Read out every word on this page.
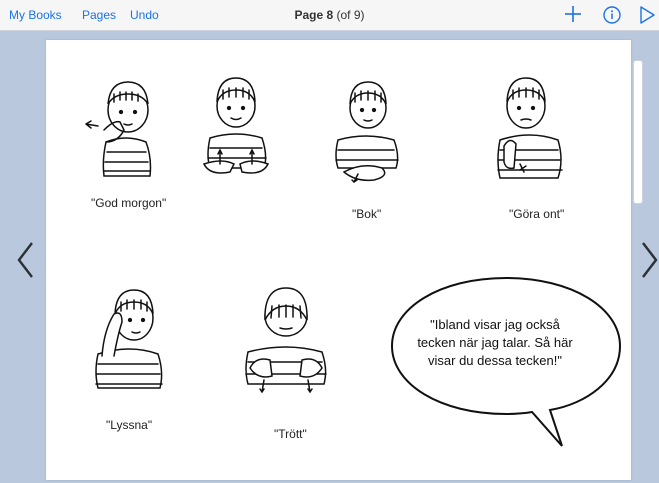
My Books Pages Undo	Page 8 (of 9)
"Ibland visar jag också
tecken när jag talar. Så här
visar du dessa tecken!"
"God morgon"
"Bok"	"Göra ont"
"Lyssna"
"Trött"
